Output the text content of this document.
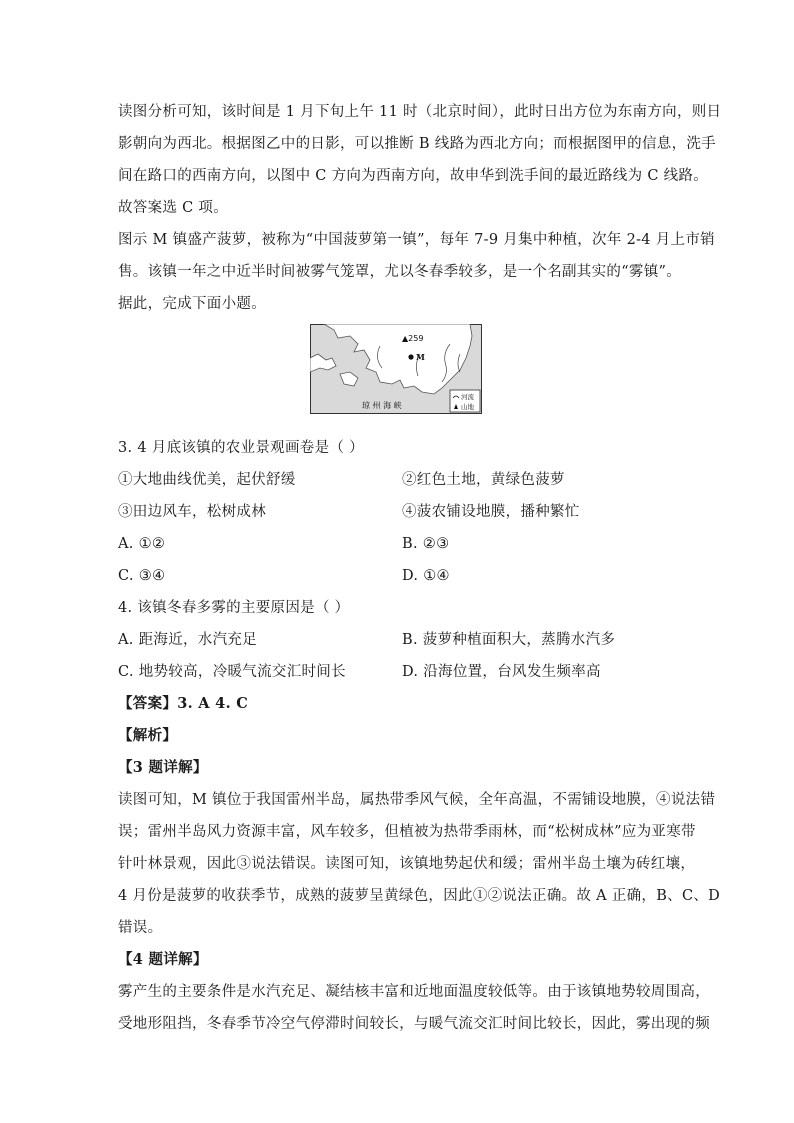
读图分析可知，该时间是 1 月下旬上午 11 时（北京时间），此时日出方位为东南方向，则日
影朝向为西北。根据图乙中的日影，可以推断 B 线路为西北方向；而根据图甲的信息，洗手
间在路口的西南方向，以图中 C 方向为西南方向，故申华到洗手间的最近路线为 C 线路。
故答案选 C 项。
图示 M 镇盛产菠萝，被称为“中国菠萝第一镇”，每年 7-9 月集中种植，次年 2-4 月上市销
售。该镇一年之中近半时间被雾气笼罩，尤以冬春季较多，是一个名副其实的“雾镇”。
据此，完成下面小题。
▲259
M
琼 州 海 峡
河流
山地
3. 4 月底该镇的农业景观画卷是（ ）
①大地曲线优美，起伏舒缓	②红色土地，黄绿色菠萝
③田边风车，松树成林	④菠农铺设地膜，播种繁忙
A. ①②	B. ②③
C. ③④	D. ①④
4. 该镇冬春多雾的主要原因是（ ）
A. 距海近，水汽充足	B. 菠萝种植面积大，蒸腾水汽多
C. 地势较高，冷暖气流交汇时间长	D. 沿海位置，台风发生频率高
【答案】3. A 4. C
【解析】
【3 题详解】
读图可知，M 镇位于我国雷州半岛，属热带季风气候，全年高温，不需铺设地膜，④说法错
误；雷州半岛风力资源丰富，风车较多，但植被为热带季雨林，而“松树成林”应为亚寒带
针叶林景观，因此③说法错误。读图可知，该镇地势起伏和缓；雷州半岛土壤为砖红壤，
4 月份是菠萝的收获季节，成熟的菠萝呈黄绿色，因此①②说法正确。故 A 正确，B、C、D
错误。
【4 题详解】
雾产生的主要条件是水汽充足、凝结核丰富和近地面温度较低等。由于该镇地势较周围高，
受地形阻挡，冬春季节冷空气停滞时间较长，与暖气流交汇时间比较长，因此，雾出现的频
